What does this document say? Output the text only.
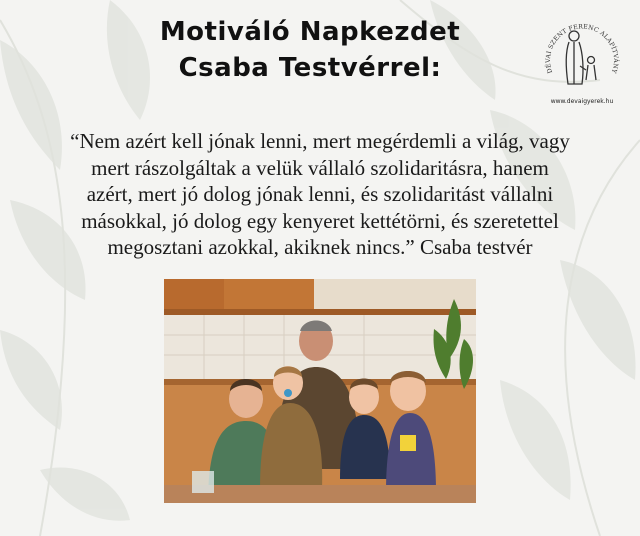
Motiváló Napkezdet
Csaba Testvérrel:	DÉVAI SZENT FERENC ALAPÍTVÁNY
www.devaigyerek.hu
“Nem azért kell jónak lenni, mert megérdemli a világ, vagy
mert rászolgáltak a velük vállaló szolidaritásra, hanem
azért, mert jó dolog jónak lenni, és szolidaritást vállalni
másokkal, jó dolog egy kenyeret kettétörni, és szeretettel
megosztani azokkal, akiknek nincs.” Csaba testvér
